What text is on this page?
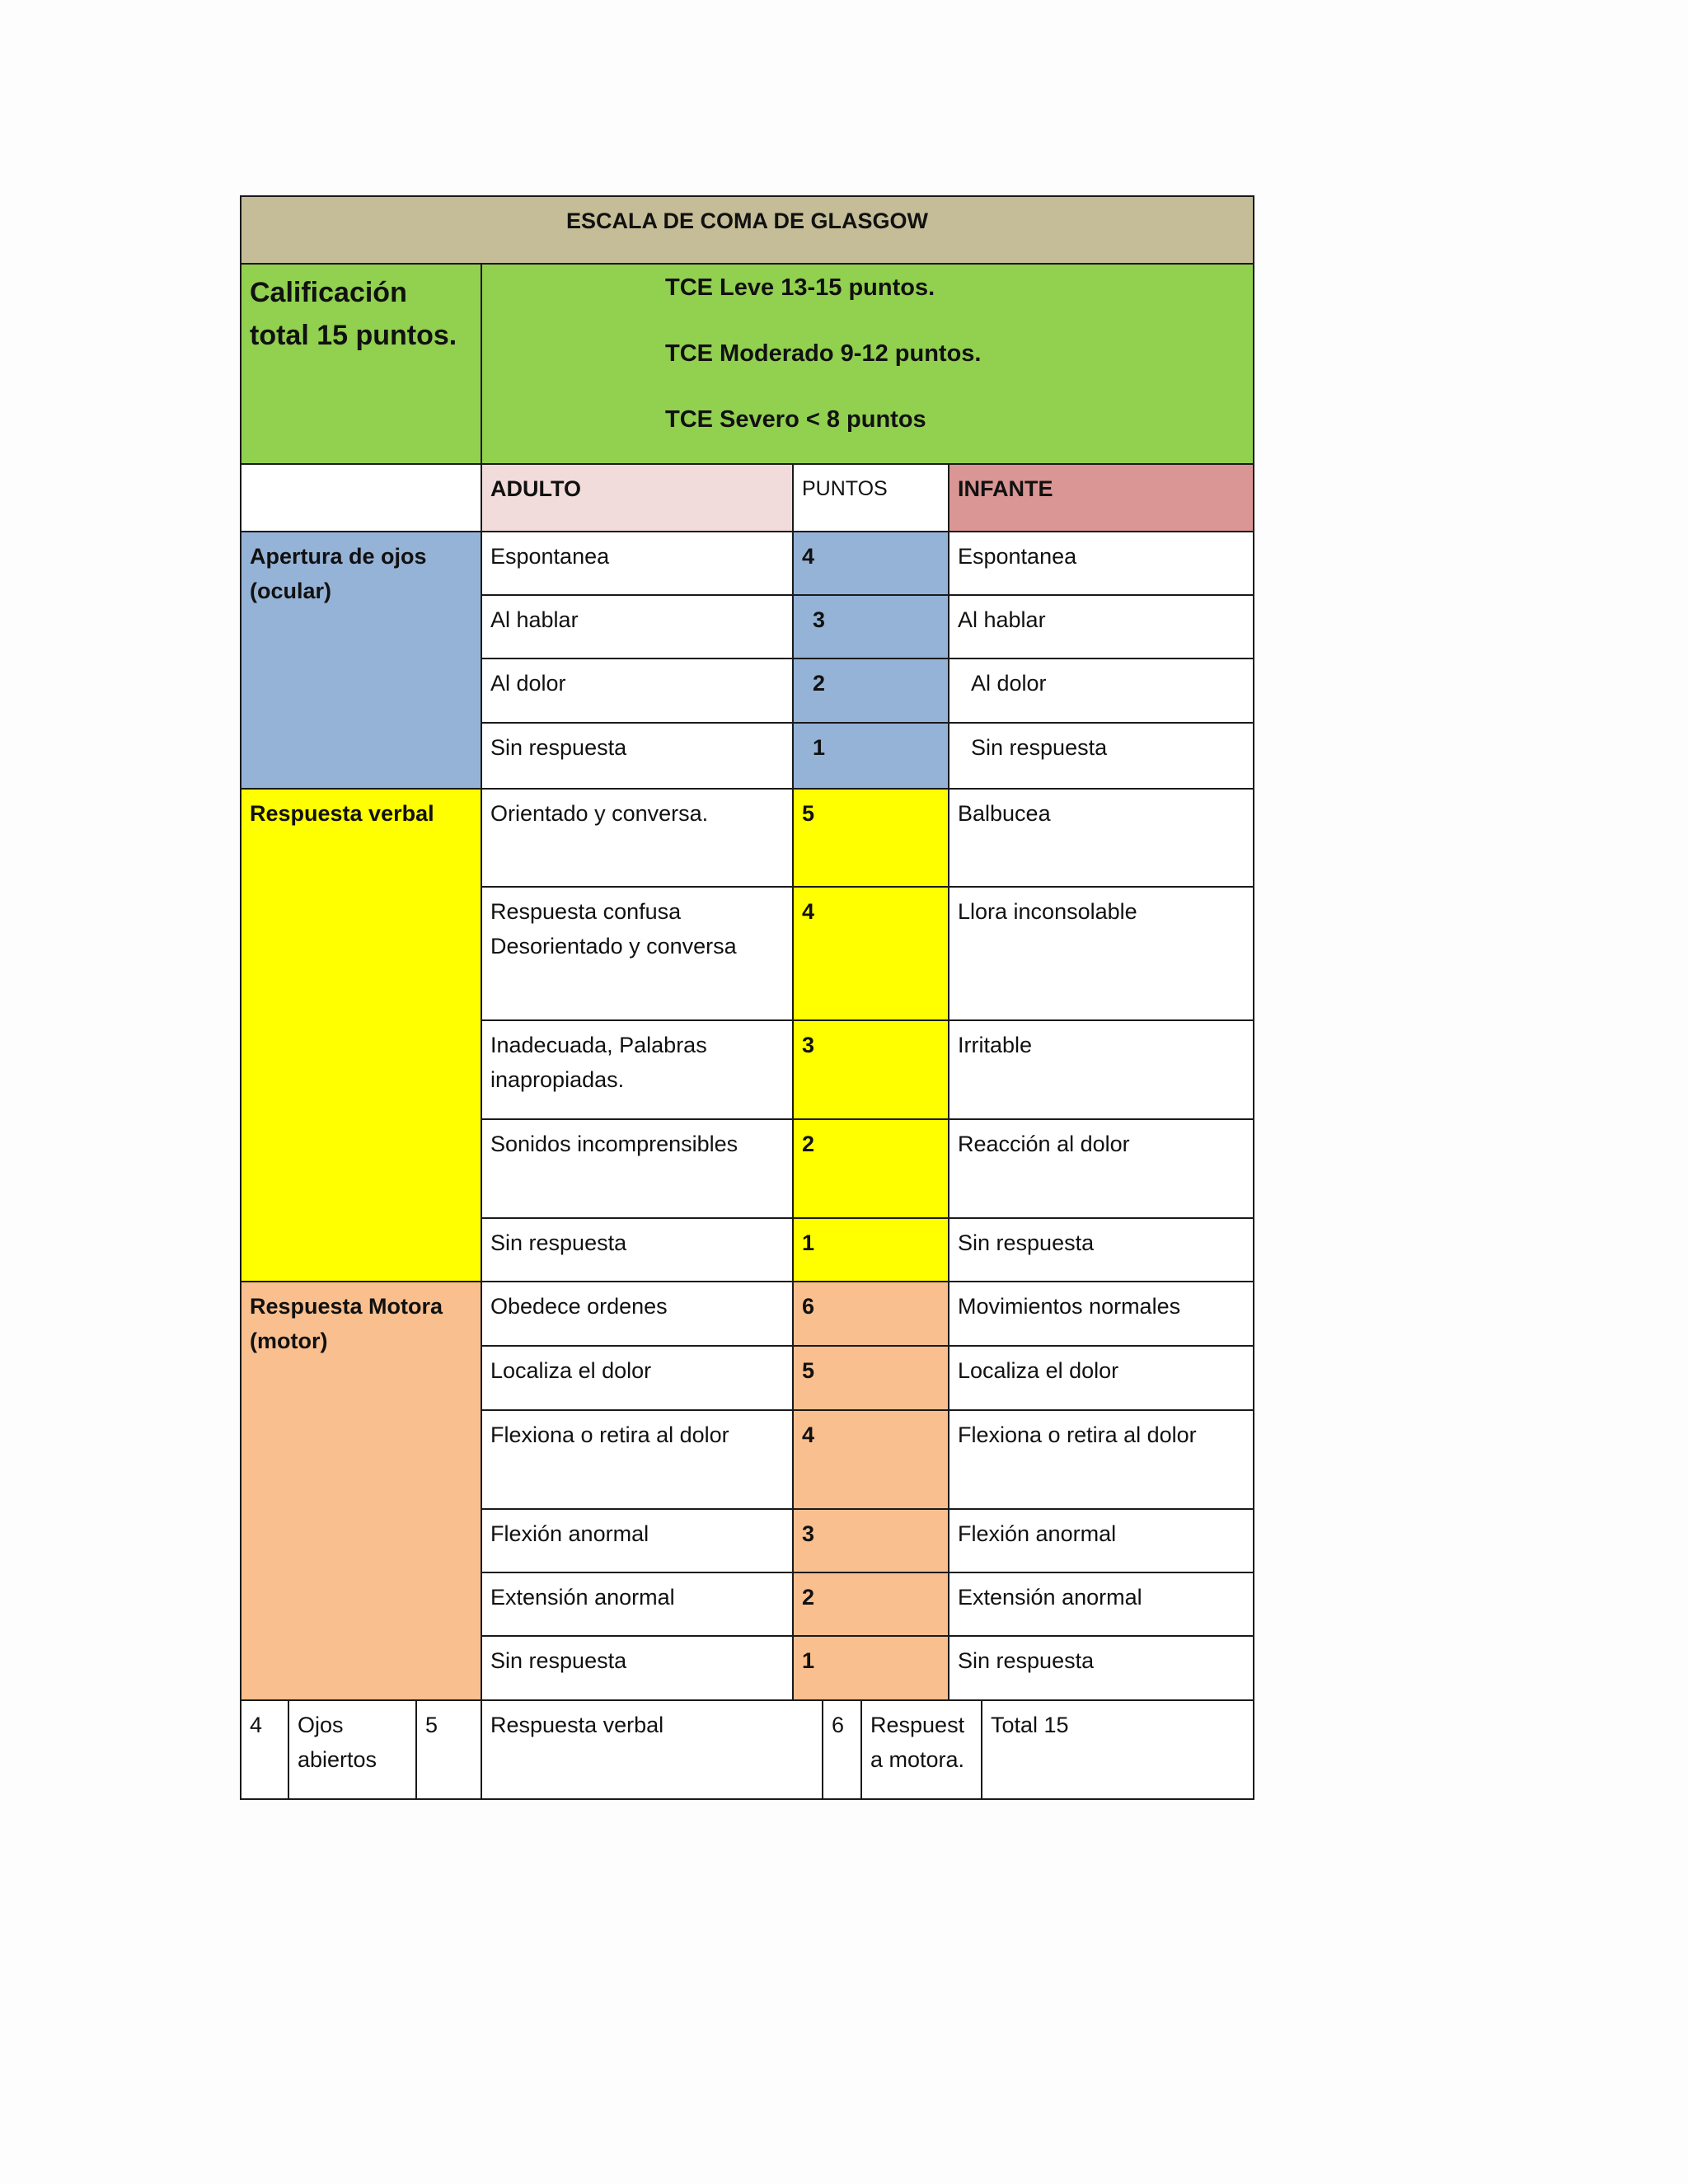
ESCALA DE COMA DE GLASGOW			

Calificación total 15 puntos.	TCE Leve 13-15 puntos.
TCE Moderado 9-12 puntos.
TCE Severo < 8 puntos		

	ADULTO	PUNTOS	INFANTE
Apertura de ojos (ocular)	Espontanea	4	Espontanea
	Al hablar	3	Al hablar
	Al dolor	2	Al dolor
	Sin respuesta	1	Sin respuesta
Respuesta verbal	Orientado y conversa.	5	Balbucea
	Respuesta confusa Desorientado y conversa	4	Llora inconsolable
	Inadecuada, Palabras inapropiadas.	3	Irritable
	Sonidos incomprensibles	2	Reacción al dolor
	Sin respuesta	1	Sin respuesta
Respuesta Motora (motor)	Obedece ordenes	6	Movimientos normales
	Localiza el dolor	5	Localiza el dolor
	Flexiona o retira al dolor	4	Flexiona o retira al dolor
	Flexión anormal	3	Flexión anormal
	Extensión anormal	2	Extensión anormal
	Sin respuesta	1	Sin respuesta
4	Ojos abiertos	5	Respuesta verbal	6	Respuest a motora.	Total 15
